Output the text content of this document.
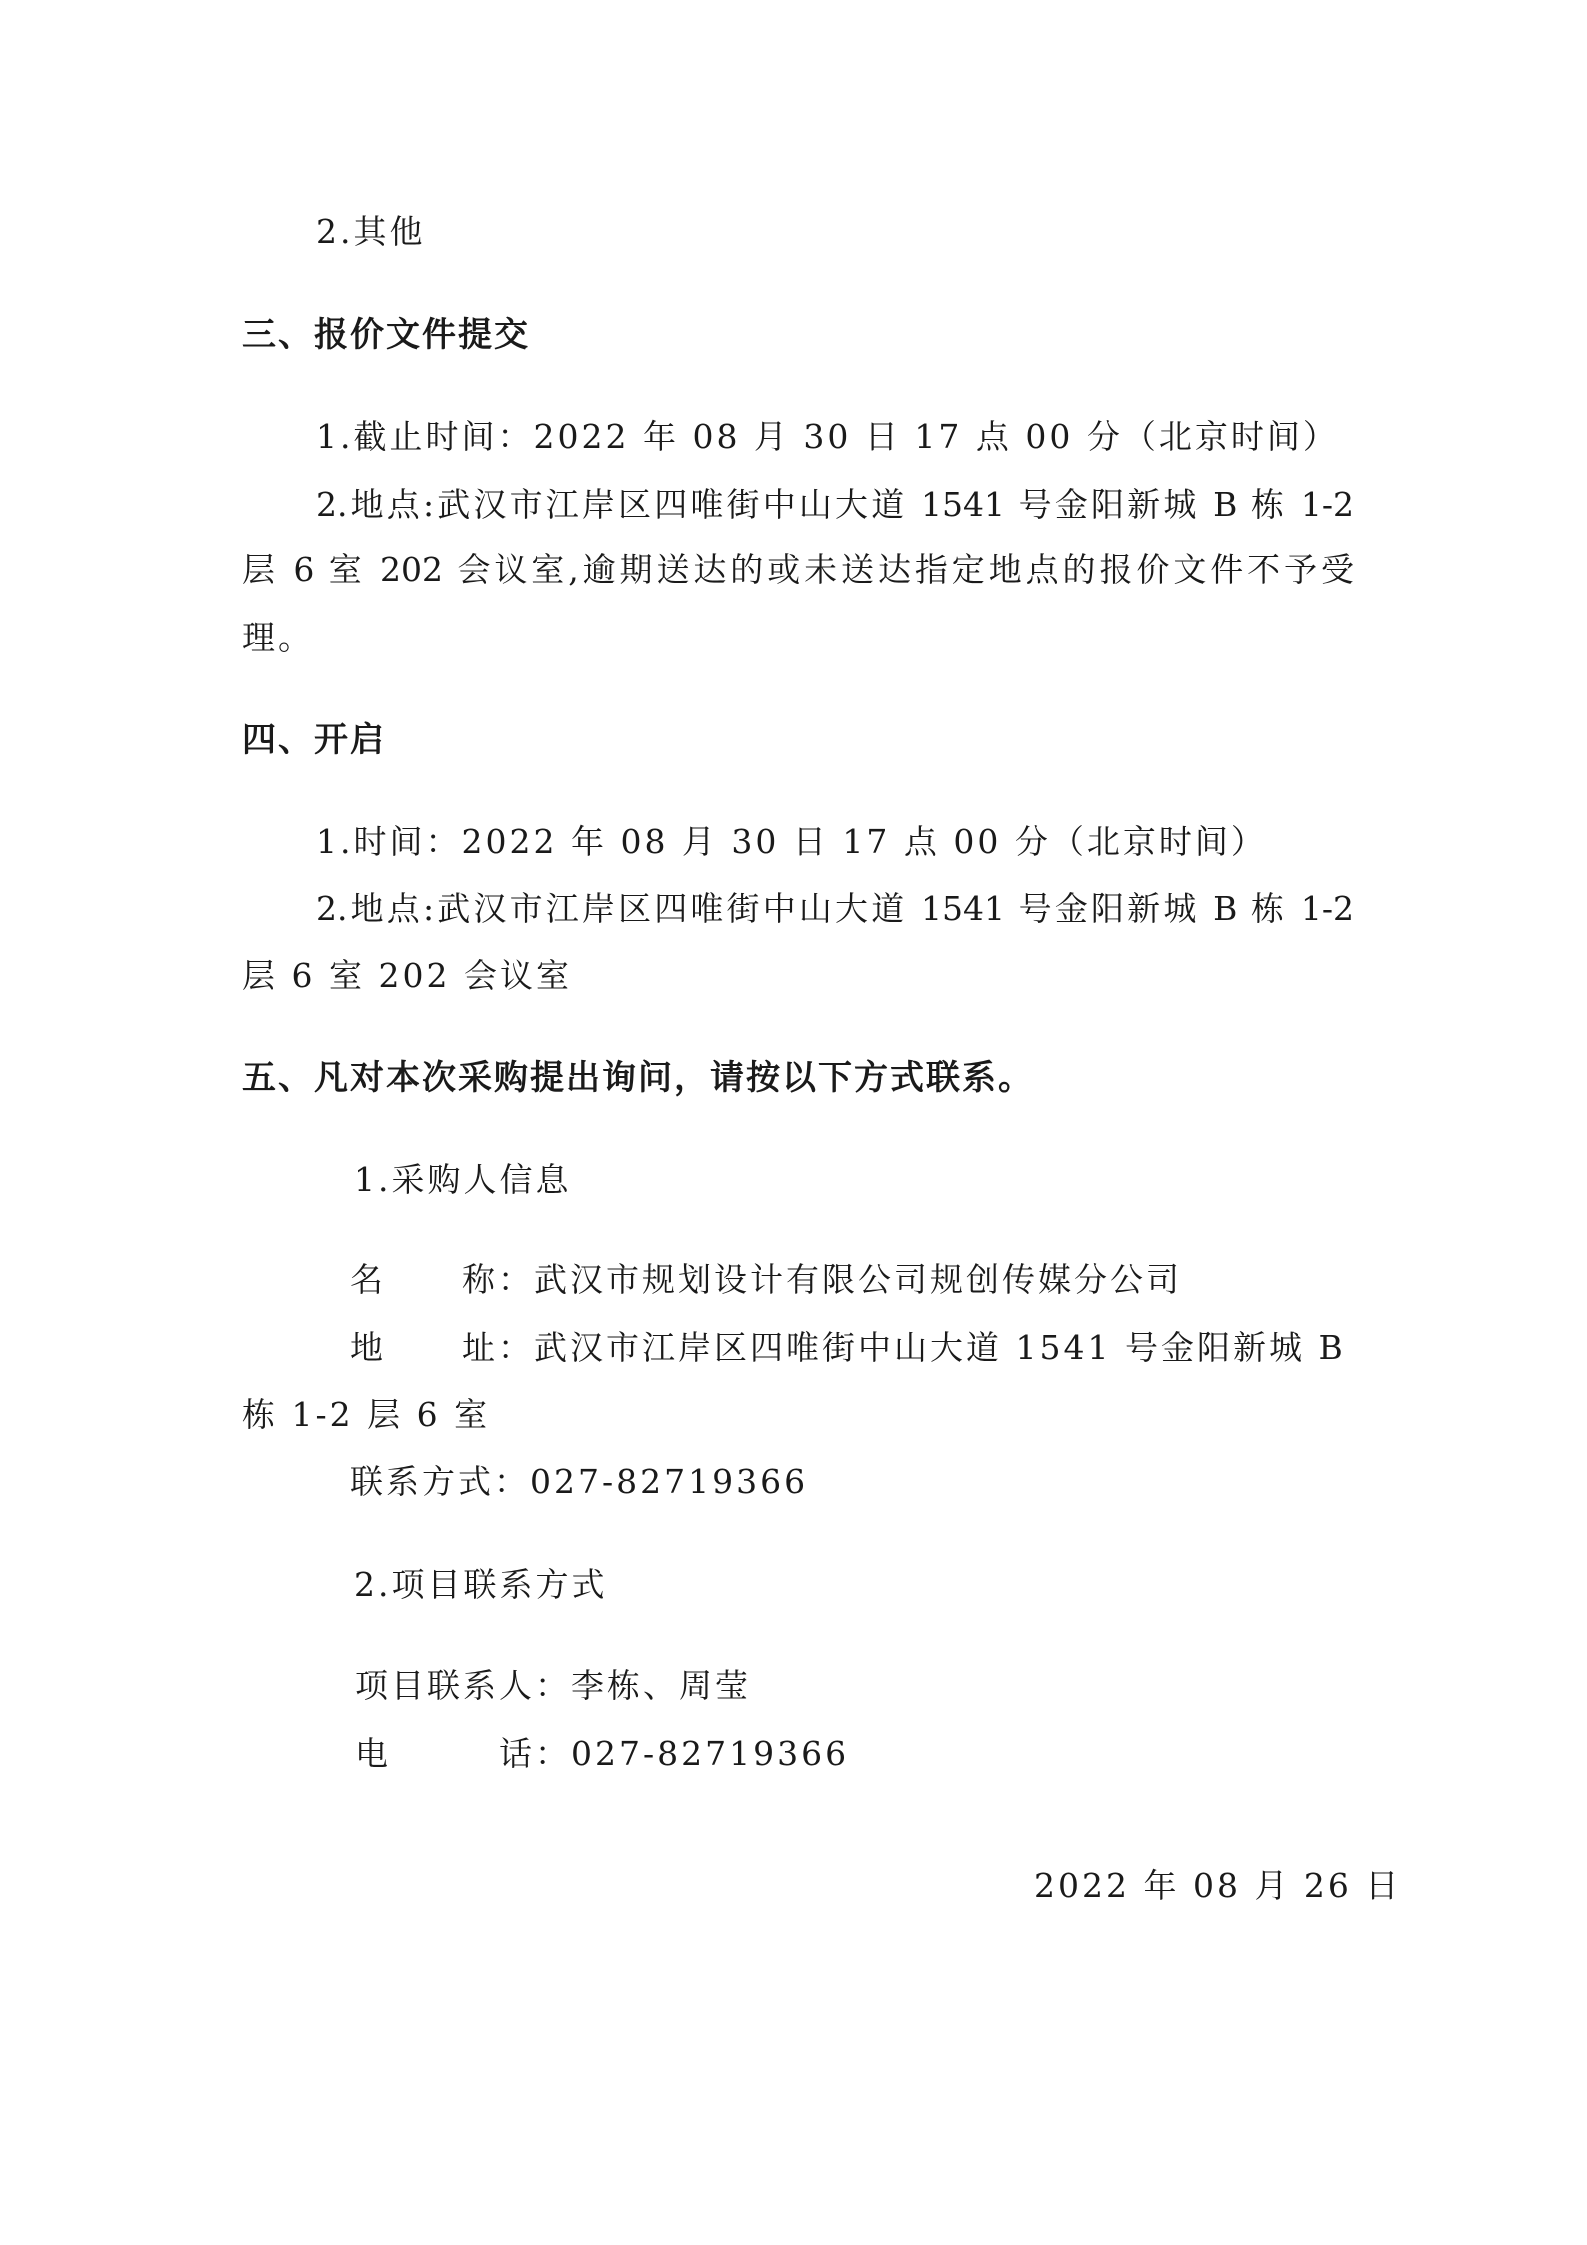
2.其他
三、报价文件提交
1.截止时间：2022 年 08 月 30 日 17 点 00 分（北京时间）
2.地点:武汉市江岸区四唯街中山大道 1541 号金阳新城 B 栋 1-2
层 6 室 202 会议室,逾期送达的或未送达指定地点的报价文件不予受
理。
四、开启
1.时间：2022 年 08 月 30 日 17 点 00 分（北京时间）
2.地点:武汉市江岸区四唯街中山大道 1541 号金阳新城 B 栋 1-2
层 6 室 202 会议室
五、凡对本次采购提出询问，请按以下方式联系。
1.采购人信息
名 称：武汉市规划设计有限公司规创传媒分公司
地 址：武汉市江岸区四唯街中山大道 1541 号金阳新城 B
栋 1-2 层 6 室
联系方式：027-82719366
2.项目联系方式
项目联系人：李栋、周莹
电	话：027-82719366
2022 年 08 月 26 日
